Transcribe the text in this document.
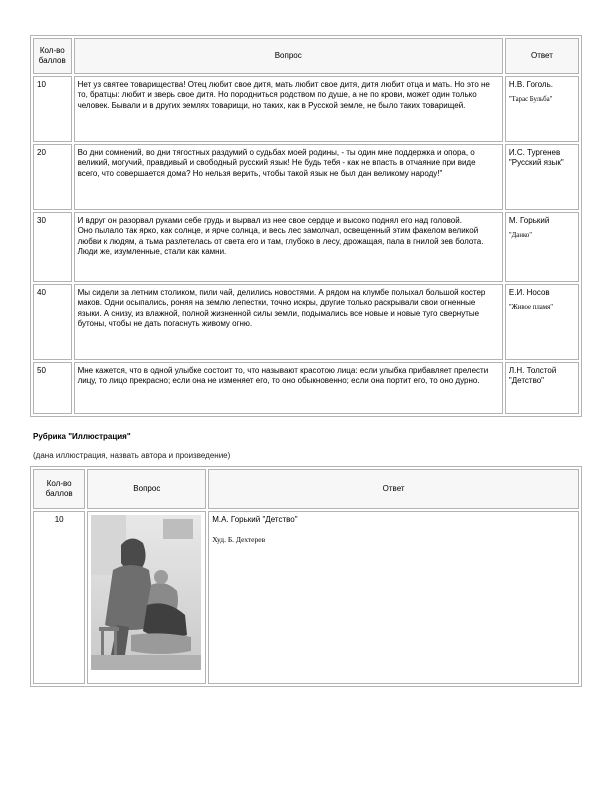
Кол-во баллов	Вопрос	Ответ
10	Нет уз святее товарищества! Отец любит свое дитя, мать любит свое дитя, дитя любит отца и мать. Но это не то, братцы: любит и зверь свое дитя. Но породниться родством по душе, а не по крови, может один только человек. Бывали и в других землях товарищи, но таких, как в Русской земле, не было таких товарищей.	Н.В. Гоголь.
"Тарас Бульба"

20	Во дни сомнений, во дни тягостных раздумий о судьбах моей родины, - ты один мне поддержка и опора, о великий, могучий, правдивый и свободный русский язык! Не будь тебя - как не впасть в отчаяние при виде всего, что совершается дома? Но нельзя верить, чтобы такой язык не был дан великому народу!"	И.С. Тургенев "Русский язык"
30	И вдруг он разорвал руками себе грудь и вырвал из нее свое сердце и высоко поднял его над головой.
Оно пылало так ярко, как солнце, и ярче солнца, и весь лес замолчал, освещенный этим факелом великой любви к людям, а тьма разлетелась от света его и там, глубоко в лесу, дрожащая, пала в гнилой зев болота. Люди же, изумленные, стали как камни.	М. Горький
"Данко"

40	Мы сидели за летним столиком, пили чай, делились новостями. А рядом на клумбе полыхал большой костер маков. Одни осыпались, роняя на землю лепестки, точно искры, другие только раскрывали свои огненные языки. А снизу, из влажной, полной жизненной силы земли, подымались все новые и новые туго свернутые бутоны, чтобы не дать погаснуть живому огню.	Е.И. Носов
"Живое пламя"

50	Мне кажется, что в одной улыбке состоит то, что называют красотою лица: если улыбка прибавляет прелести лицу, то лицо прекрасно; если она не изменяет его, то оно обыкновенно; если она портит его, то оно дурно.	Л.Н. Толстой "Детство"
Рубрика "Иллюстрация"
(дана иллюстрация, назвать автора и произведение)
Кол-во баллов	Вопрос	Ответ
10		М.А. Горький "Детство"
Худ. Б. Дехтерев
